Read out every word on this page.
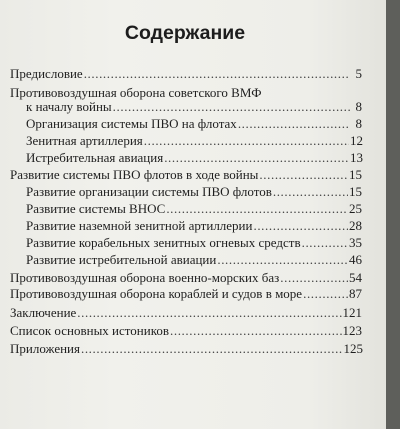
Содержание
Предисловие .....	5
Противовоздушная оборона советского ВМФ
к началу войны .....	8
Организация системы ПВО на флотах .....	8
Зенитная артиллерия .....	12
Истребительная авиация .....	13
Развитие системы ПВО флотов в ходе войны .....	15
Развитие организации системы ПВО флотов .....	15
Развитие системы ВНОС .....	25
Развитие наземной зенитной артиллерии .....	28
Развитие корабельных зенитных огневых средств .....	35
Развитие истребительной авиации .....	46
Противовоздушная оборона военно-морских баз .....	54
Противовоздушная оборона кораблей и судов в море .....	87
Заключение .....	121
Список основных истоников .....	123
Приложения .....	125
